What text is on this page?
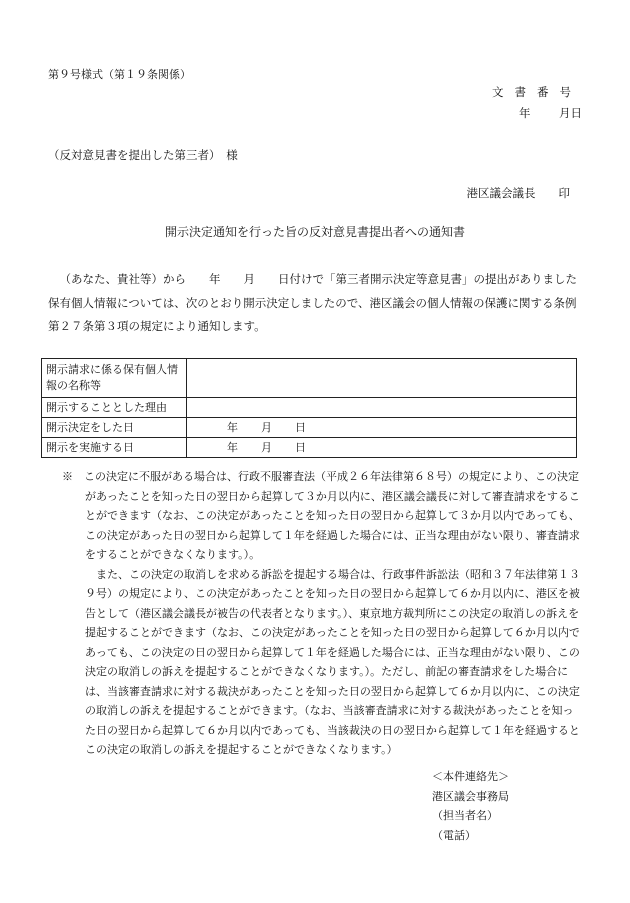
第９号様式（第１９条関係）
文書番号
年 月日
（反対意見書を提出した第三者）　様
港区議会議長　　印
開示決定通知を行った旨の反対意見書提出者への通知書

（あなた、貴社等）から　　年　　月　　日付けで「第三者開示決定等意見書」の提出がありました保有個人情報については、次のとおり開示決定しましたので、港区議会の個人情報の保護に関する条例第２７条第３項の規定により通知します。

開示請求に係る保有個人情報の名称等	
開示することとした理由	
開示決定をした日	年 月 日
開示を実施する日	年 月 日

※　この決定に不服がある場合は、行政不服審査法（平成２６年法律第６８号）の規定により、この決定があったことを知った日の翌日から起算して３か月以内に、港区議会議長に対して審査請求をすることができます（なお、この決定があったことを知った日の翌日から起算して３か月以内であっても、この決定があった日の翌日から起算して１年を経過した場合には、正当な理由がない限り、審査請求をすることができなくなります。）。

また、この決定の取消しを求める訴訟を提起する場合は、行政事件訴訟法（昭和３７年法律第１３９号）の規定により、この決定があったことを知った日の翌日から起算して６か月以内に、港区を被告として（港区議会議長が被告の代表者となります。）、東京地方裁判所にこの決定の取消しの訴えを提起することができます（なお、この決定があったことを知った日の翌日から起算して６か月以内であっても、この決定の日の翌日から起算して１年を経過した場合には、正当な理由がない限り、この決定の取消しの訴えを提起することができなくなります。）。ただし、前記の審査請求をした場合には、当該審査請求に対する裁決があったことを知った日の翌日から起算して６か月以内に、この決定の取消しの訴えを提起することができます。（なお、当該審査請求に対する裁決があったことを知った日の翌日から起算して６か月以内であっても、当該裁決の日の翌日から起算して１年を経過するとこの決定の取消しの訴えを提起することができなくなります。）

＜本件連絡先＞
港区議会事務局
（担当者名）
（電話）
